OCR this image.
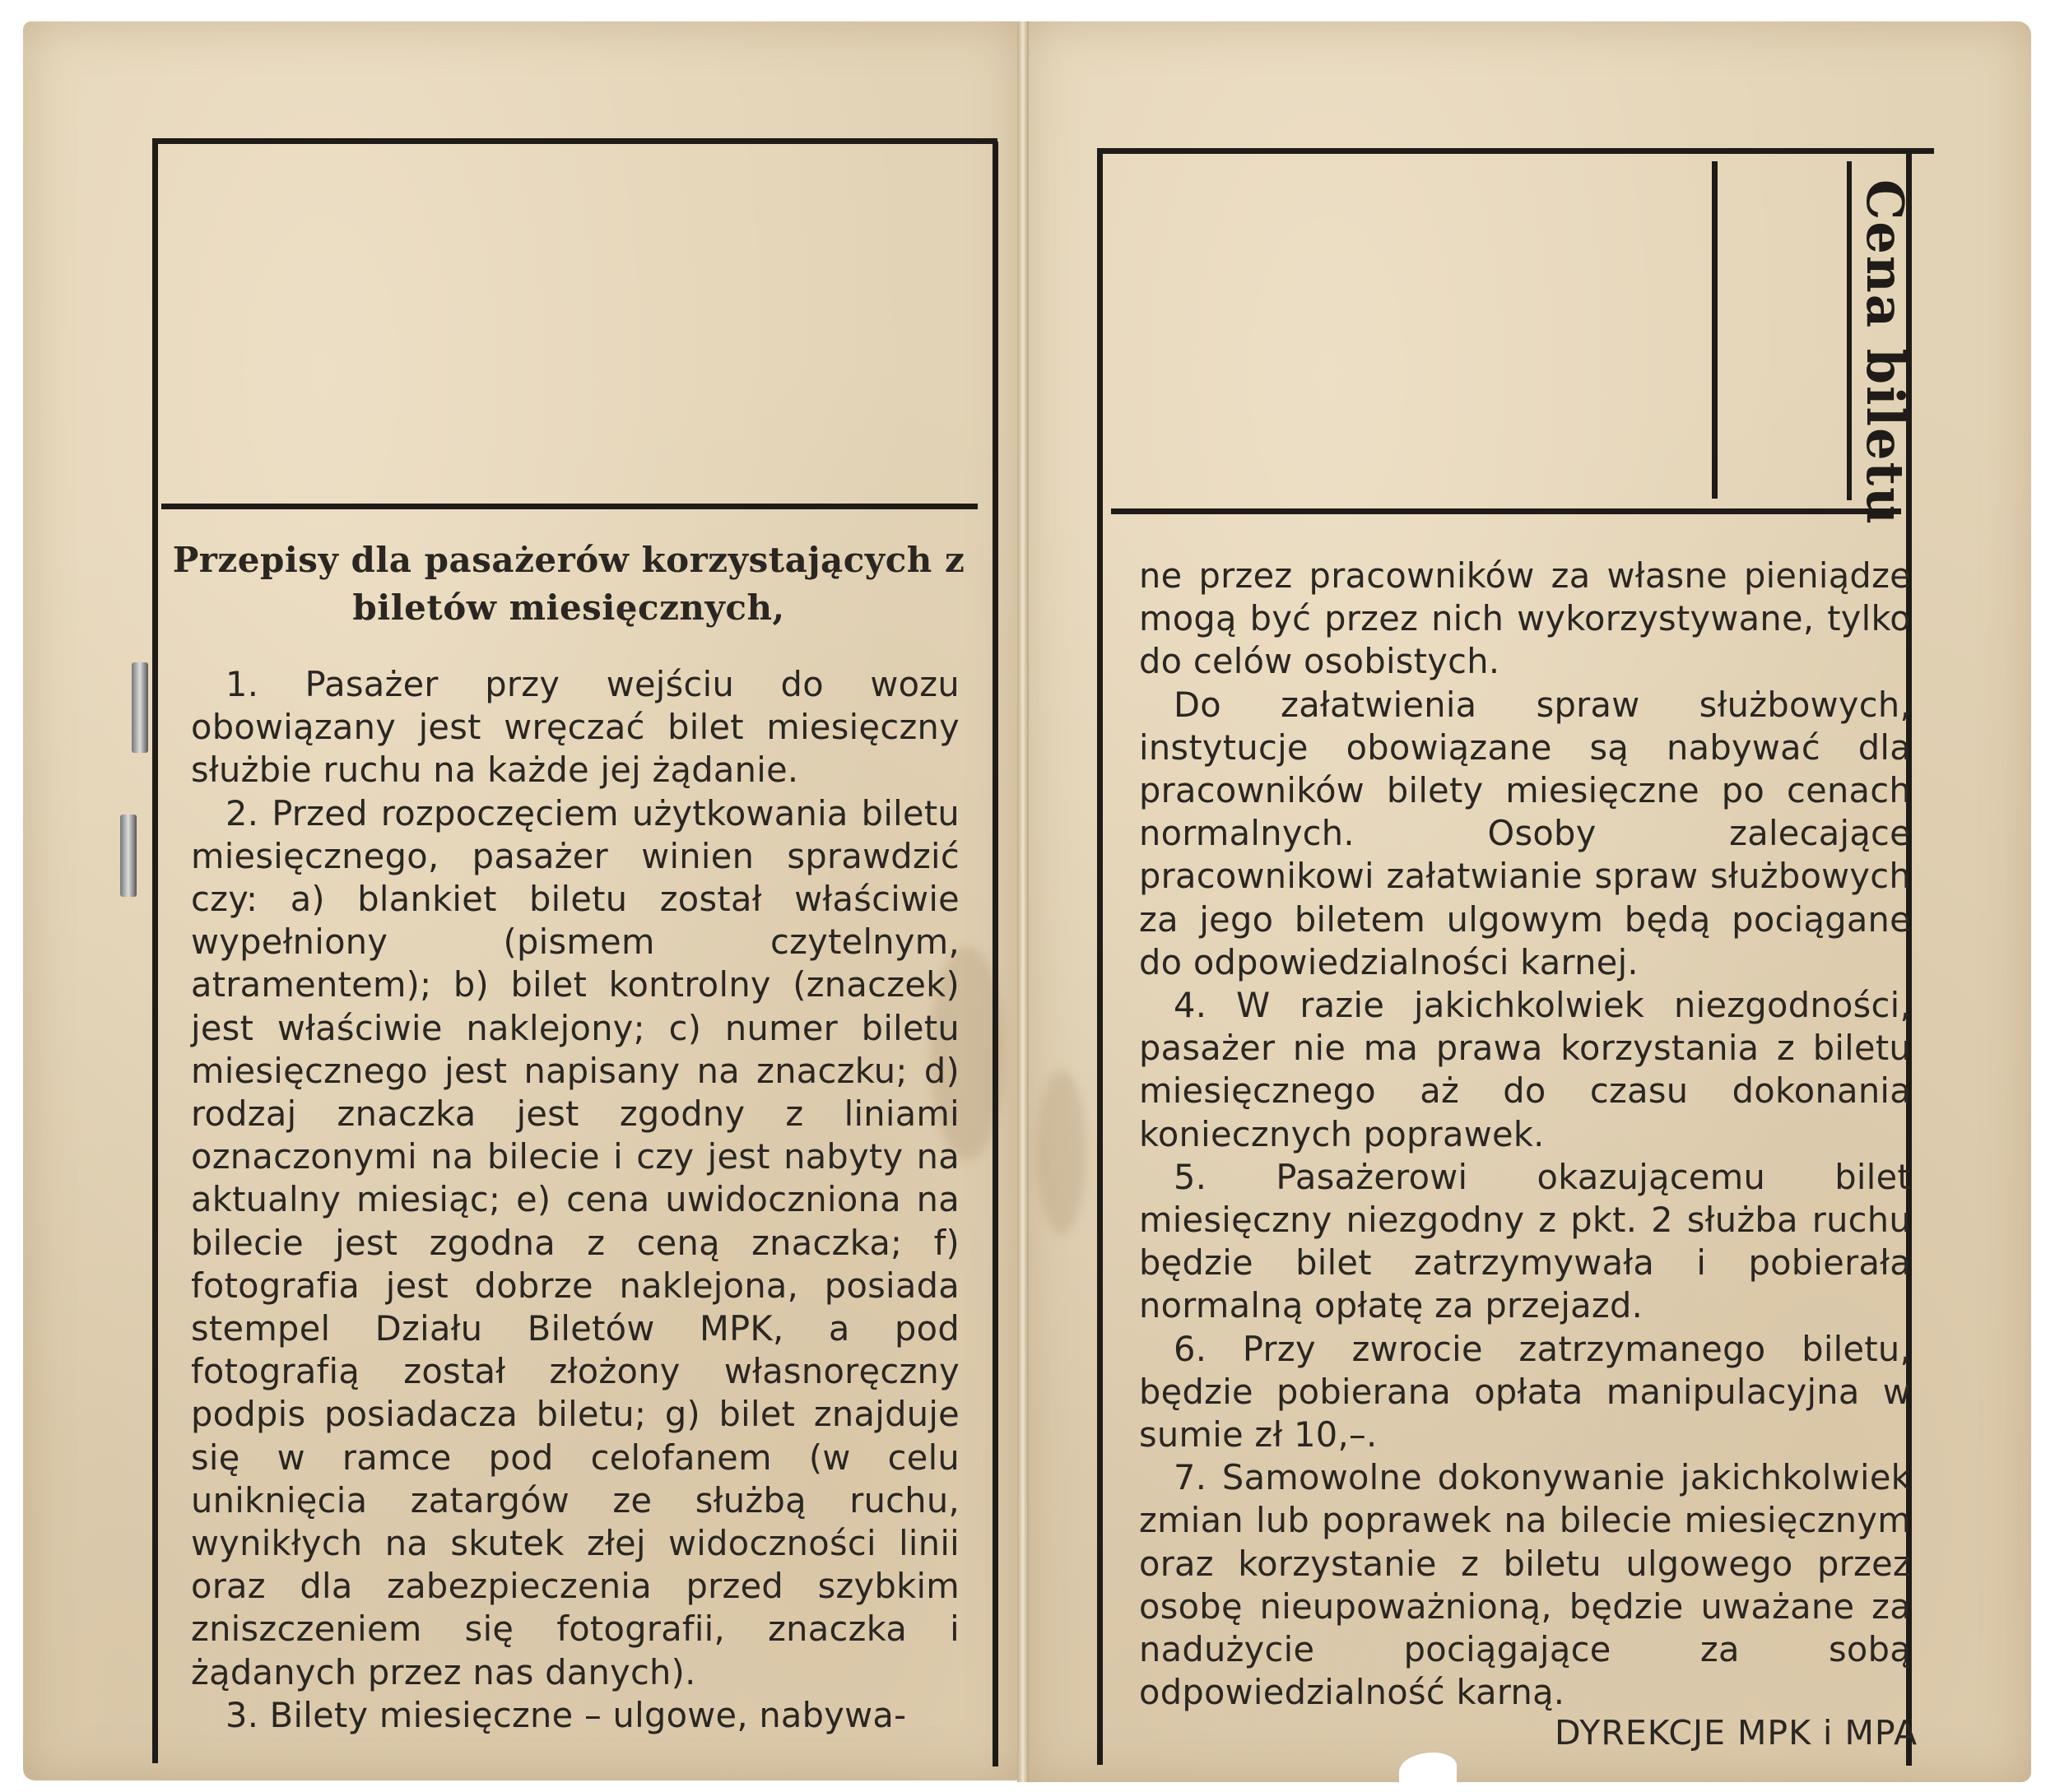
Przepisy dla pasażerów korzystających z biletów miesięcznych,

1. Pasażer przy wejściu do wozu obowiązany jest wręczać bilet miesięczny służbie ruchu na każde jej żądanie.

2. Przed rozpoczęciem użytkowania biletu miesięcznego, pasażer winien sprawdzić czy: a) blankiet biletu został właściwie wypełniony (pismem czytelnym, atramentem); b) bilet kontrolny (znaczek) jest właściwie naklejony; c) numer biletu miesięcznego jest napisany na znaczku; d) rodzaj znaczka jest zgodny z liniami oznaczonymi na bilecie i czy jest nabyty na aktualny miesiąc; e) cena uwidoczniona na bilecie jest zgodna z ceną znaczka; f) fotografia jest dobrze naklejona, posiada stempel Działu Biletów MPK, a pod fotografią został złożony własnoręczny podpis posiadacza biletu; g) bilet znajduje się w ramce pod celofanem (w celu uniknięcia zatargów ze służbą ruchu, wynikłych na skutek złej widoczności linii oraz dla zabezpieczenia przed szybkim zniszczeniem się fotografii, znaczka i żądanych przez nas danych).

3. Bilety miesięczne – ulgowe, nabywa-

Cena biletu

ne przez pracowników za własne pieniądze mogą być przez nich wykorzystywane, tylko do celów osobistych.

Do załatwienia spraw służbowych, instytucje obowiązane są nabywać dla pracowników bilety miesięczne po cenach normalnych. Osoby zalecające pracownikowi załatwianie spraw służbowych za jego biletem ulgowym będą pociągane do odpowiedzialności karnej.

4. W razie jakichkolwiek niezgodności, pasażer nie ma prawa korzystania z biletu miesięcznego aż do czasu dokonania koniecznych poprawek.

5. Pasażerowi okazującemu bilet miesięczny niezgodny z pkt. 2 służba ruchu będzie bilet zatrzymywała i pobierała normalną opłatę za przejazd.

6. Przy zwrocie zatrzymanego biletu, będzie pobierana opłata manipulacyjna w sumie zł 10,–.

7. Samowolne dokonywanie jakichkolwiek zmian lub poprawek na bilecie miesięcznym oraz korzystanie z biletu ulgowego przez osobę nieupoważnioną, będzie uważane za nadużycie pociągające za sobą odpowiedzialność karną.

DYREKCJE MPK i MPA
